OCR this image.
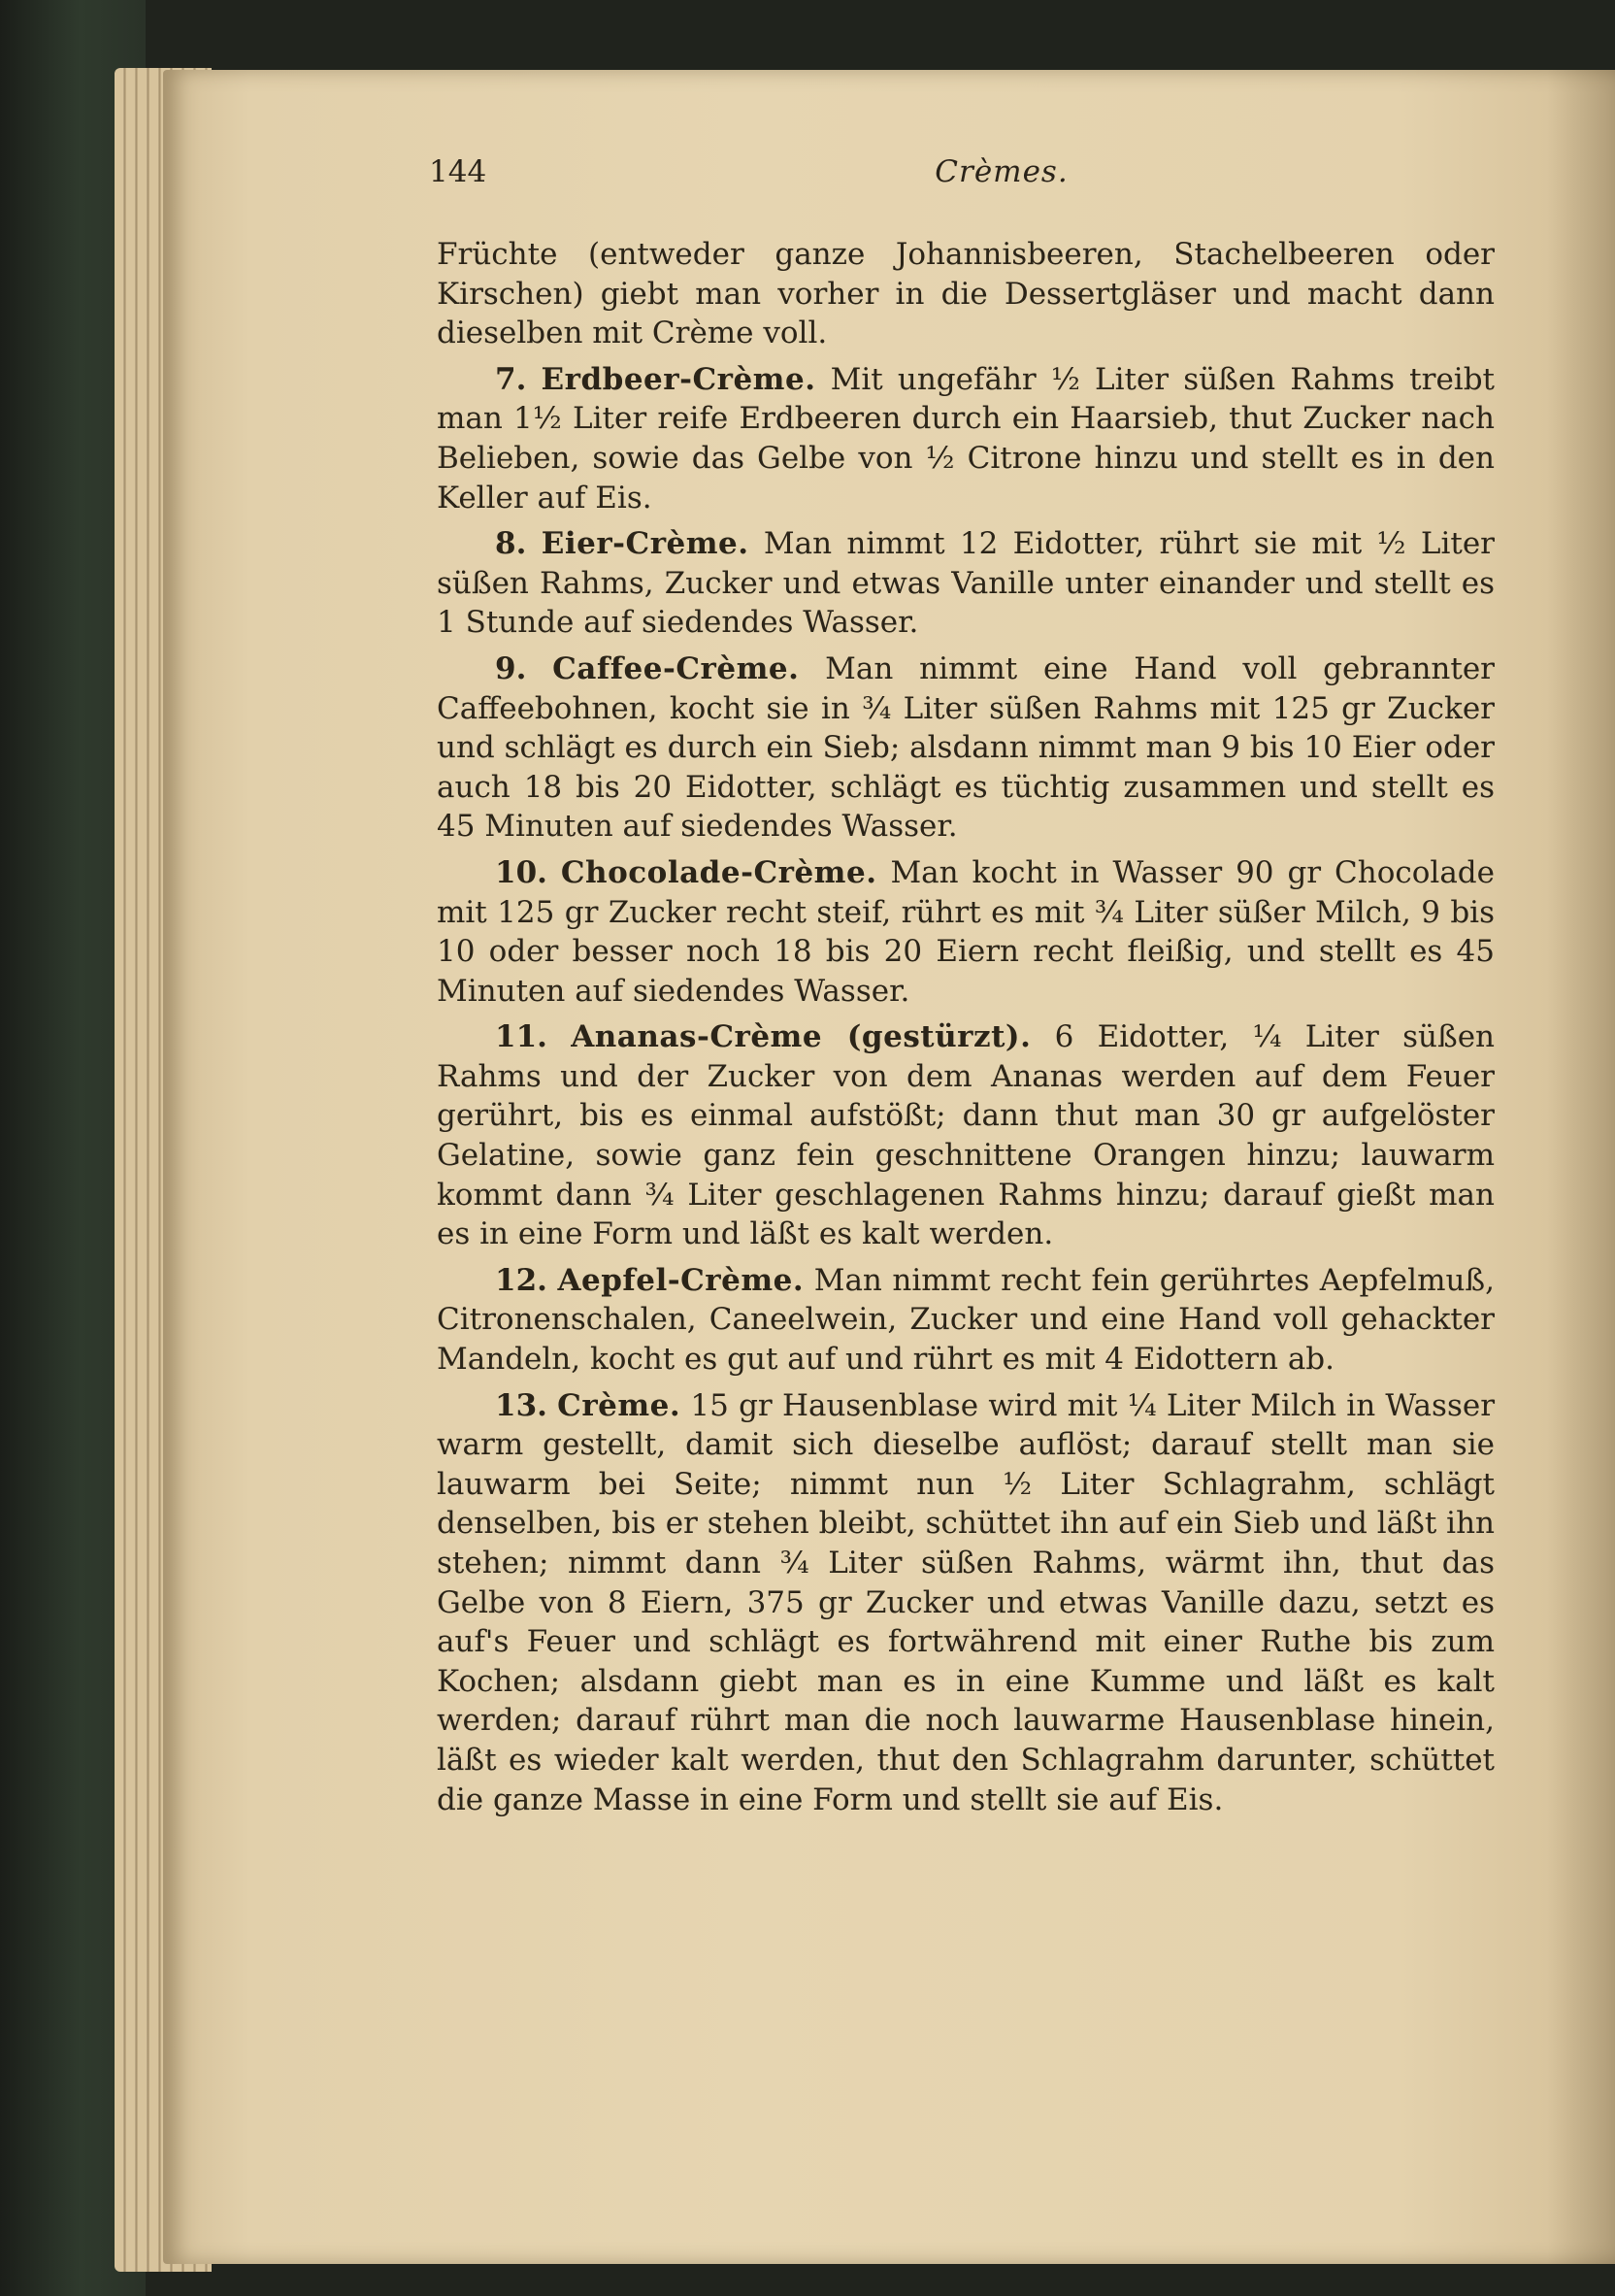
144	Crèmes.

Früchte (entweder ganze Johannisbeeren, Stachelbeeren oder Kirschen) giebt man vorher in die Dessertgläser und macht dann dieselben mit Crème voll.

7. Erdbeer-Crème. Mit ungefähr ½ Liter süßen Rahms treibt man 1½ Liter reife Erdbeeren durch ein Haarsieb, thut Zucker nach Belieben, sowie das Gelbe von ½ Citrone hinzu und stellt es in den Keller auf Eis.

8. Eier-Crème. Man nimmt 12 Eidotter, rührt sie mit ½ Liter süßen Rahms, Zucker und etwas Vanille unter einander und stellt es 1 Stunde auf siedendes Wasser.

9. Caffee-Crème. Man nimmt eine Hand voll gebrannter Caffeebohnen, kocht sie in ¾ Liter süßen Rahms mit 125 gr Zucker und schlägt es durch ein Sieb; alsdann nimmt man 9 bis 10 Eier oder auch 18 bis 20 Eidotter, schlägt es tüchtig zusammen und stellt es 45 Minuten auf siedendes Wasser.

10. Chocolade-Crème. Man kocht in Wasser 90 gr Chocolade mit 125 gr Zucker recht steif, rührt es mit ¾ Liter süßer Milch, 9 bis 10 oder besser noch 18 bis 20 Eiern recht fleißig, und stellt es 45 Minuten auf siedendes Wasser.

11. Ananas-Crème (gestürzt). 6 Eidotter, ¼ Liter süßen Rahms und der Zucker von dem Ananas werden auf dem Feuer gerührt, bis es einmal aufstößt; dann thut man 30 gr aufgelöster Gelatine, sowie ganz fein geschnittene Orangen hinzu; lauwarm kommt dann ¾ Liter geschlagenen Rahms hinzu; darauf gießt man es in eine Form und läßt es kalt werden.

12. Aepfel-Crème. Man nimmt recht fein gerührtes Aepfelmuß, Citronenschalen, Caneelwein, Zucker und eine Hand voll gehackter Mandeln, kocht es gut auf und rührt es mit 4 Eidottern ab.

13. Crème. 15 gr Hausenblase wird mit ¼ Liter Milch in Wasser warm gestellt, damit sich dieselbe auflöst; darauf stellt man sie lauwarm bei Seite; nimmt nun ½ Liter Schlagrahm, schlägt denselben, bis er stehen bleibt, schüttet ihn auf ein Sieb und läßt ihn stehen; nimmt dann ¾ Liter süßen Rahms, wärmt ihn, thut das Gelbe von 8 Eiern, 375 gr Zucker und etwas Vanille dazu, setzt es auf's Feuer und schlägt es fortwährend mit einer Ruthe bis zum Kochen; alsdann giebt man es in eine Kumme und läßt es kalt werden; darauf rührt man die noch lauwarme Hausenblase hinein, läßt es wieder kalt werden, thut den Schlagrahm darunter, schüttet die ganze Masse in eine Form und stellt sie auf Eis.
